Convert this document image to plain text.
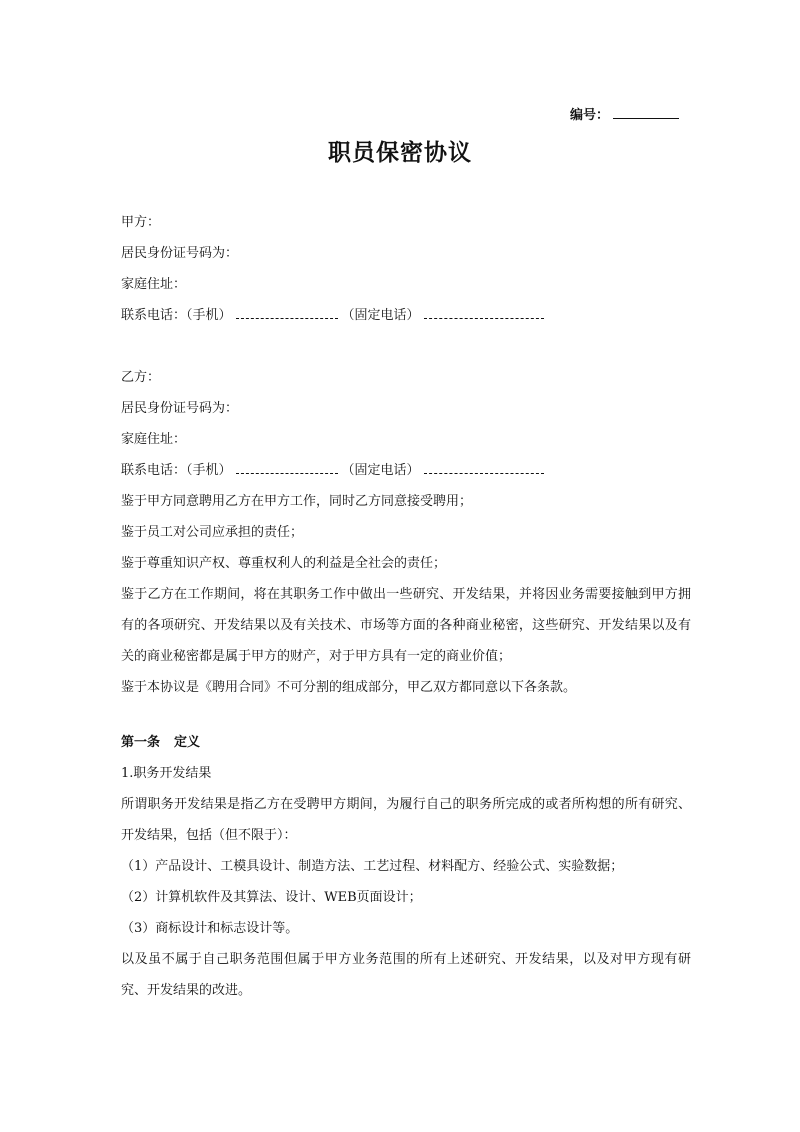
编号：
职员保密协议

甲方：

居民身份证号码为：

家庭住址：

联系电话：（手机）	（固定电话）

乙方：

居民身份证号码为：

家庭住址：

联系电话：（手机）	（固定电话）

鉴于甲方同意聘用乙方在甲方工作，同时乙方同意接受聘用；

鉴于员工对公司应承担的责任；

鉴于尊重知识产权、尊重权利人的利益是全社会的责任；

鉴于乙方在工作期间，将在其职务工作中做出一些研究、开发结果，并将因业务需要接触到甲方拥有的各项研究、开发结果以及有关技术、市场等方面的各种商业秘密，这些研究、开发结果以及有关的商业秘密都是属于甲方的财产，对于甲方具有一定的商业价值；

鉴于本协议是《聘用合同》不可分割的组成部分，甲乙双方都同意以下各条款。

第一条 定义

1.职务开发结果

所谓职务开发结果是指乙方在受聘甲方期间，为履行自己的职务所完成的或者所构想的所有研究、开发结果，包括（但不限于）：

（1）产品设计、工模具设计、制造方法、工艺过程、材料配方、经验公式、实验数据；

（2）计算机软件及其算法、设计、WEB页面设计；

（3）商标设计和标志设计等。

以及虽不属于自己职务范围但属于甲方业务范围的所有上述研究、开发结果，以及对甲方现有研究、开发结果的改进。
